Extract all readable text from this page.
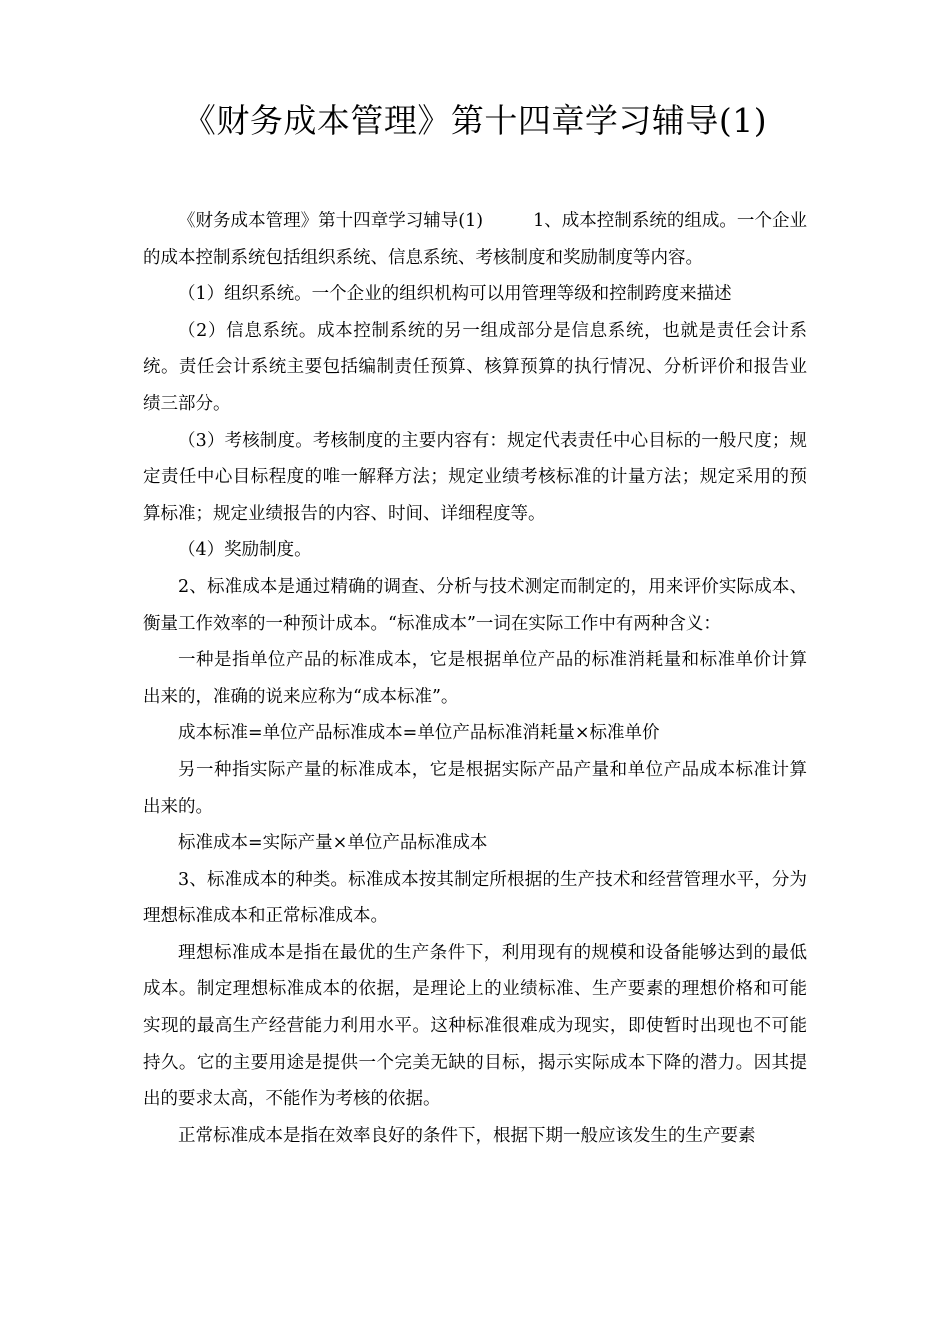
《财务成本管理》第十四章学习辅导(1)

《财务成本管理》第十四章学习辅导(1)	1、成本控制系统的组成。一个企业的成本控制系统包括组织系统、信息系统、考核制度和奖励制度等内容。

（1）组织系统。一个企业的组织机构可以用管理等级和控制跨度来描述

（2）信息系统。成本控制系统的另一组成部分是信息系统，也就是责任会计系统。责任会计系统主要包括编制责任预算、核算预算的执行情况、分析评价和报告业绩三部分。

（3）考核制度。考核制度的主要内容有：规定代表责任中心目标的一般尺度；规定责任中心目标程度的唯一解释方法；规定业绩考核标准的计量方法；规定采用的预算标准；规定业绩报告的内容、时间、详细程度等。

（4）奖励制度。

2、标准成本是通过精确的调查、分析与技术测定而制定的，用来评价实际成本、衡量工作效率的一种预计成本。“标准成本”一词在实际工作中有两种含义：

一种是指单位产品的标准成本，它是根据单位产品的标准消耗量和标准单价计算出来的，准确的说来应称为“成本标准”。

成本标准=单位产品标准成本=单位产品标准消耗量×标准单价

另一种指实际产量的标准成本，它是根据实际产品产量和单位产品成本标准计算出来的。

标准成本=实际产量×单位产品标准成本

3、标准成本的种类。标准成本按其制定所根据的生产技术和经营管理水平，分为理想标准成本和正常标准成本。

理想标准成本是指在最优的生产条件下，利用现有的规模和设备能够达到的最低成本。制定理想标准成本的依据，是理论上的业绩标准、生产要素的理想价格和可能实现的最高生产经营能力利用水平。这种标准很难成为现实，即使暂时出现也不可能持久。它的主要用途是提供一个完美无缺的目标，揭示实际成本下降的潜力。因其提出的要求太高，不能作为考核的依据。

正常标准成本是指在效率良好的条件下，根据下期一般应该发生的生产要素
